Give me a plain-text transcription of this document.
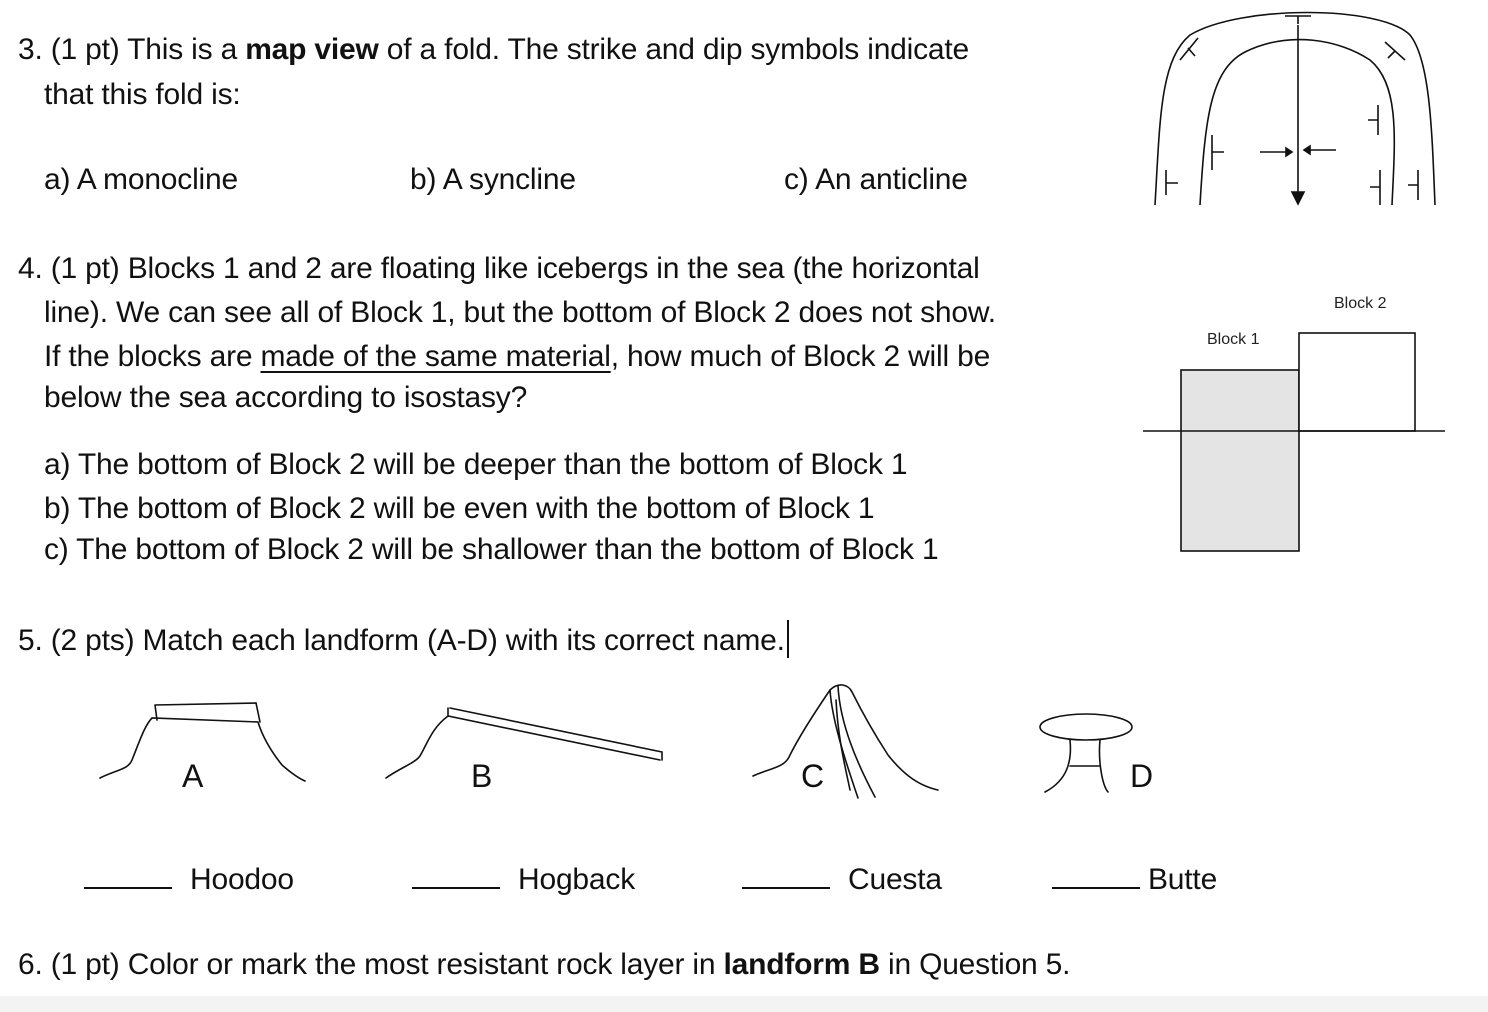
3. (1 pt) This is a map view of a fold. The strike and dip symbols indicate
that this fold is:
a) A monocline	b) A syncline	c) An anticline
4. (1 pt) Blocks 1 and 2 are floating like icebergs in the sea (the horizontal
line). We can see all of Block 1, but the bottom of Block 2 does not show.
If the blocks are made of the same material, how much of Block 2 will be
below the sea according to isostasy?
a) The bottom of Block 2 will be deeper than the bottom of Block 1
b) The bottom of Block 2 will be even with the bottom of Block 1
c) The bottom of Block 2 will be shallower than the bottom of Block 1
5. (2 pts) Match each landform (A-D) with its correct name.
Hoodoo	Hogback	Cuesta	Butte
6. (1 pt) Color or mark the most resistant rock layer in landform B in Question 5.
Block 1
Block 2
A	B	C	D
